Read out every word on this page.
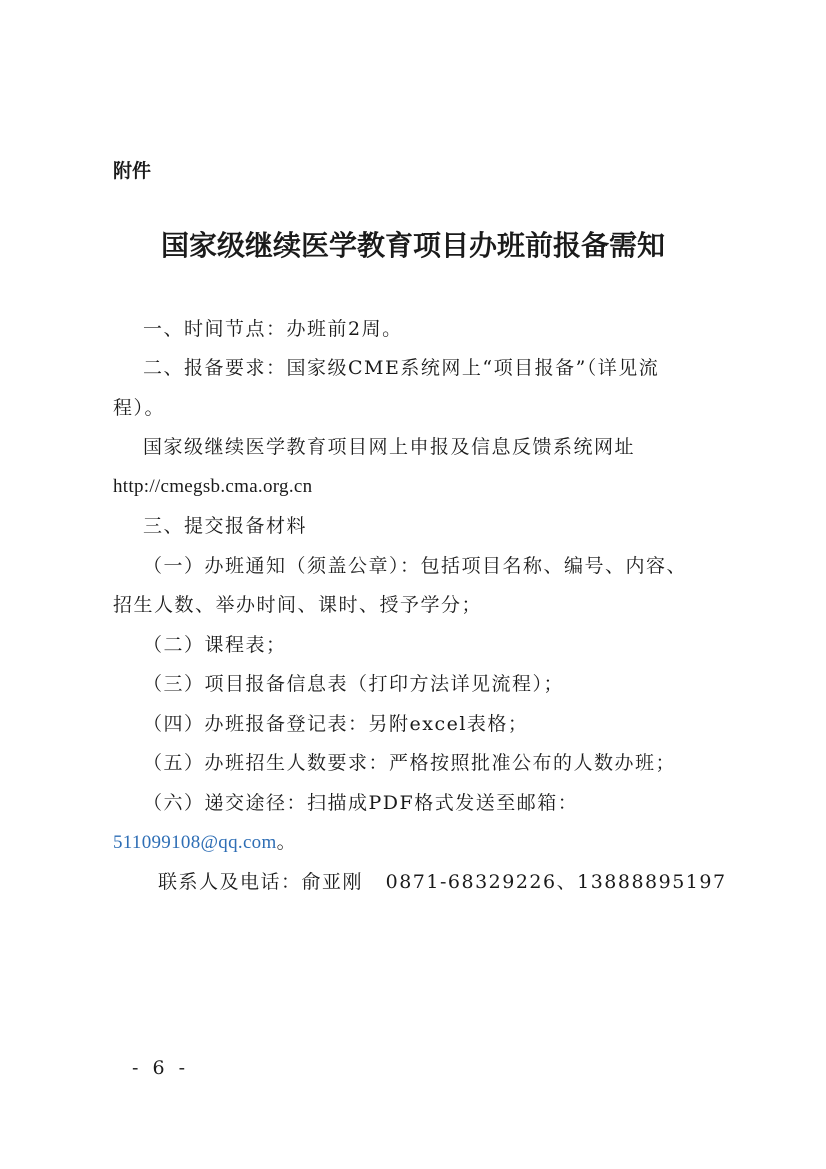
附件
国家级继续医学教育项目办班前报备需知
一、时间节点：办班前2周。
二、报备要求：国家级CME系统网上“项目报备”（详见流
程）。
国家级继续医学教育项目网上申报及信息反馈系统网址
http://cmegsb.cma.org.cn
三、提交报备材料
（一）办班通知（须盖公章）：包括项目名称、编号、内容、
招生人数、举办时间、课时、授予学分；
（二）课程表；
（三）项目报备信息表（打印方法详见流程）；
（四）办班报备登记表：另附excel表格；
（五）办班招生人数要求：严格按照批准公布的人数办班；
（六）递交途径：扫描成PDF格式发送至邮箱：
511099108@qq.com。
联系人及电话：俞亚刚   0871-68329226、13888895197
- 6 -
